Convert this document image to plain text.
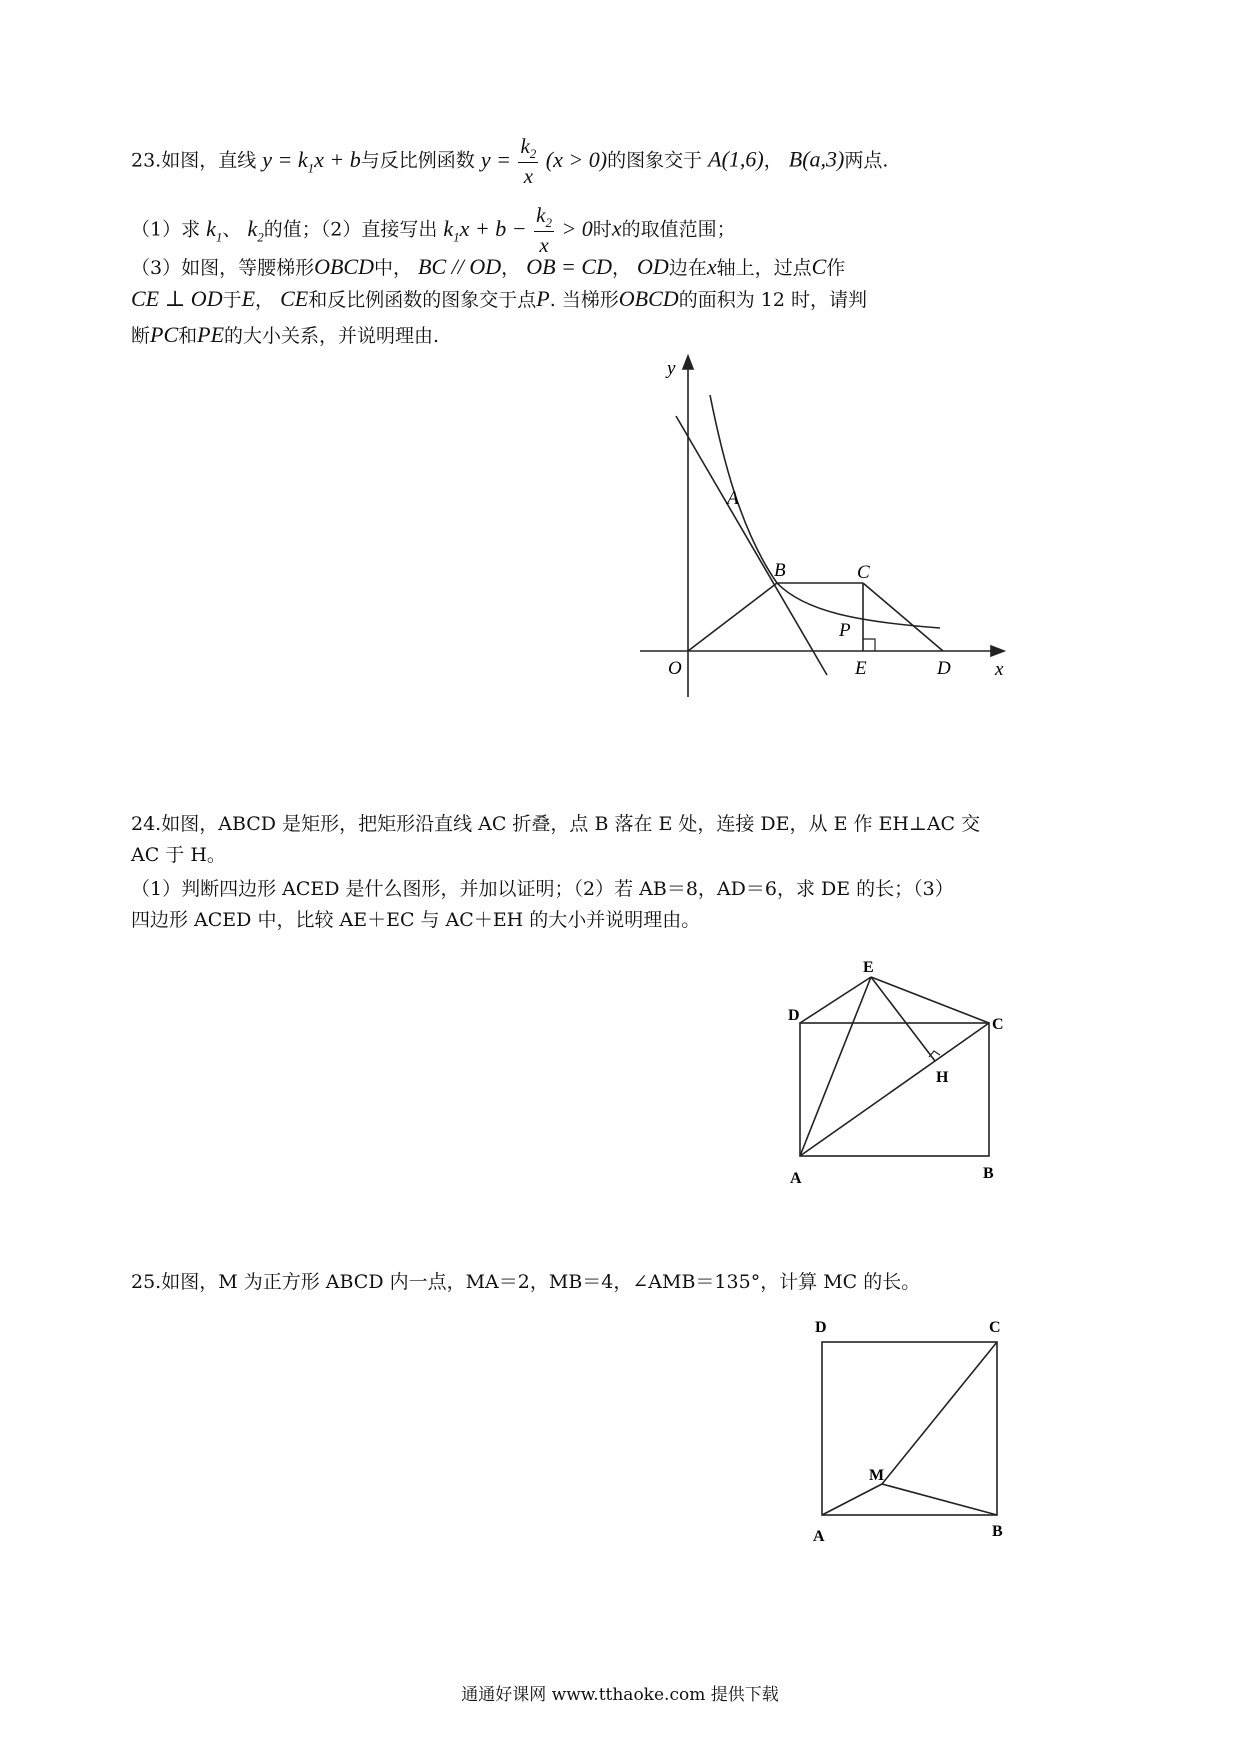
23.如图，直线 $y = k_1x + b$与反比例函数 $y = \frac{k_2}{x} (x > 0)$的图象交于 A(1,6)， B(a,3)两点.
（1）求 $k_1$、 $k_2$的值；（2）直接写出 $k_1x + b - \frac{k_2}{x} > 0$时x的取值范围；
（3）如图，等腰梯形OBCD中， BC // OD， OB = CD， OD边在x轴上，过点C作
CE ⊥ OD于E， CE和反比例函数的图象交于点P. 当梯形OBCD的面积为 12 时，请判
断PC和PE的大小关系，并说明理由.
y
x
O
A
B	C
P
E	D
24.如图，ABCD 是矩形，把矩形沿直线 AC 折叠，点 B 落在 E 处，连接 DE，从 E 作 EH⊥AC 交
AC 于 H。
（1）判断四边形 ACED 是什么图形，并加以证明；（2）若 AB＝8，AD＝6，求 DE 的长；（3）
四边形 ACED 中，比较 AE＋EC 与 AC＋EH 的大小并说明理由。
E
D
C
H
A	B
25.如图，M 为正方形 ABCD 内一点，MA＝2，MB＝4，∠AMB＝135°，计算 MC 的长。
D	C
M
A	B
通通好课网 www.tthaoke.com 提供下载
